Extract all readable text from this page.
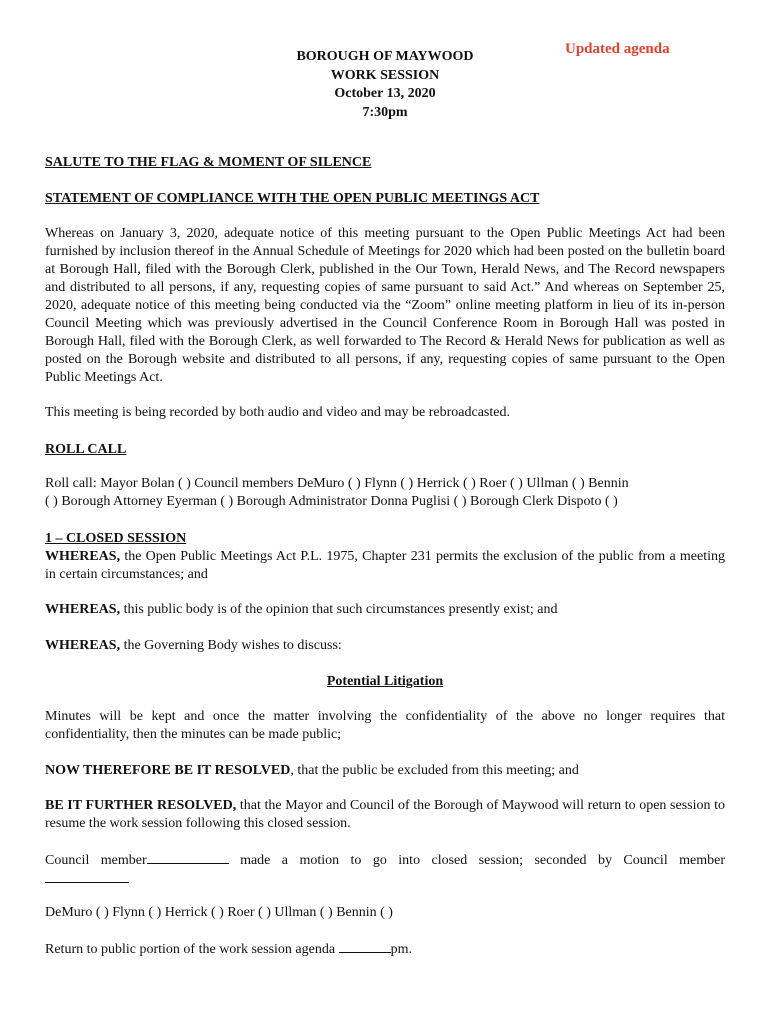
Updated agenda
BOROUGH OF MAYWOOD
WORK SESSION
October 13, 2020
7:30pm
SALUTE TO THE FLAG & MOMENT OF SILENCE
STATEMENT OF COMPLIANCE WITH THE OPEN PUBLIC MEETINGS ACT
Whereas on January 3, 2020, adequate notice of this meeting pursuant to the Open Public Meetings Act had been furnished by inclusion thereof in the Annual Schedule of Meetings for 2020 which had been posted on the bulletin board at Borough Hall, filed with the Borough Clerk, published in the Our Town, Herald News, and The Record newspapers and distributed to all persons, if any, requesting copies of same pursuant to said Act.” And whereas on September 25, 2020, adequate notice of this meeting being conducted via the “Zoom” online meeting platform in lieu of its in-person Council Meeting which was previously advertised in the Council Conference Room in Borough Hall was posted in Borough Hall, filed with the Borough Clerk, as well forwarded to The Record & Herald News for publication as well as posted on the Borough website and distributed to all persons, if any, requesting copies of same pursuant to the Open Public Meetings Act.
This meeting is being recorded by both audio and video and may be rebroadcasted.
ROLL CALL
Roll call: Mayor Bolan ( ) Council members DeMuro ( ) Flynn ( ) Herrick ( ) Roer ( ) Ullman ( ) Bennin
( ) Borough Attorney Eyerman ( ) Borough Administrator Donna Puglisi ( ) Borough Clerk Dispoto ( )
1 – CLOSED SESSION
WHEREAS, the Open Public Meetings Act P.L. 1975, Chapter 231 permits the exclusion of the public from a meeting in certain circumstances; and
WHEREAS, this public body is of the opinion that such circumstances presently exist; and
WHEREAS, the Governing Body wishes to discuss:
Potential Litigation
Minutes will be kept and once the matter involving the confidentiality of the above no longer requires that confidentiality, then the minutes can be made public;
NOW THEREFORE BE IT RESOLVED, that the public be excluded from this meeting; and
BE IT FURTHER RESOLVED, that the Mayor and Council of the Borough of Maywood will return to open session to resume the work session following this closed session.
Council member	made a motion to go into closed session; seconded by Council member
DeMuro ( ) Flynn ( ) Herrick ( ) Roer ( ) Ullman ( ) Bennin ( )
Return to public portion of the work session agenda	pm.
